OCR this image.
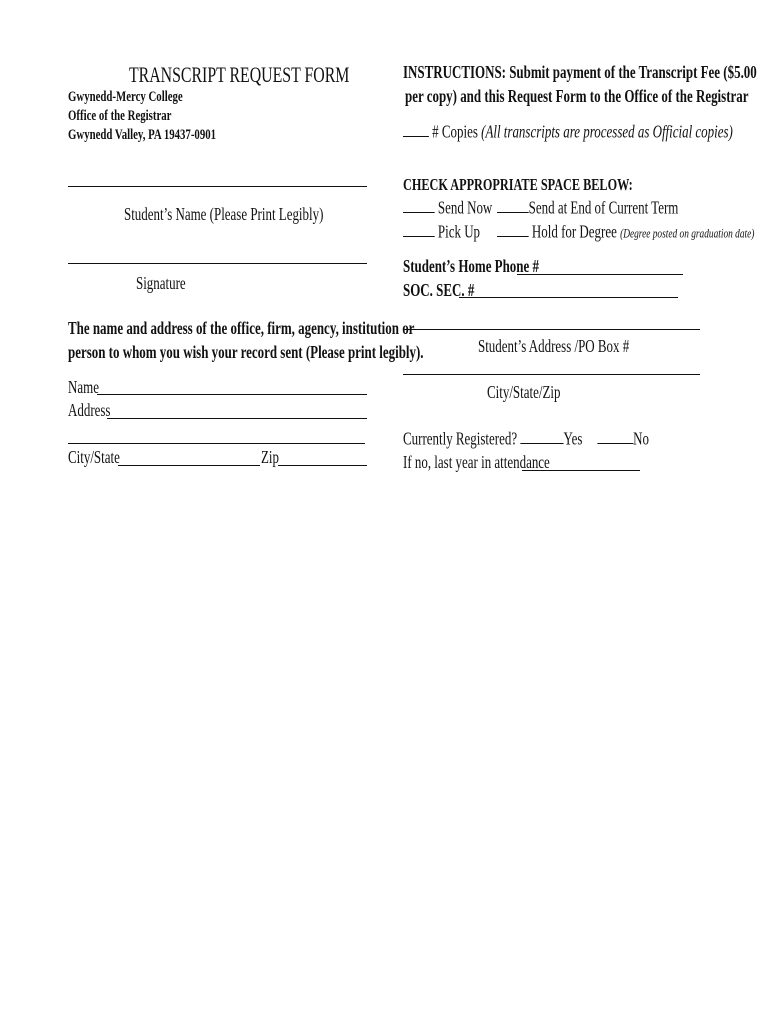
TRANSCRIPT REQUEST FORM
Gwynedd-Mercy College
Office of the Registrar
Gwynedd Valley, PA 19437-0901
Student’s Name (Please Print Legibly)
Signature
The name and address of the office, firm, agency, institution or
person to whom you wish your record sent (Please print legibly).
Name
Address
City/State	Zip
INSTRUCTIONS: Submit payment of the Transcript Fee ($5.00
per copy) and this Request Form to the Office of the Registrar
# Copies (All transcripts are processed as Official copies)
CHECK APPROPRIATE SPACE BELOW:
Send Now	Send at End of Current Term
Pick Up	Hold for Degree (Degree posted on graduation date)
Student’s Home Phone #
SOC. SEC. #
Student’s Address /PO Box #
City/State/Zip
Currently Registered?	Yes	No
If no, last year in attendance
